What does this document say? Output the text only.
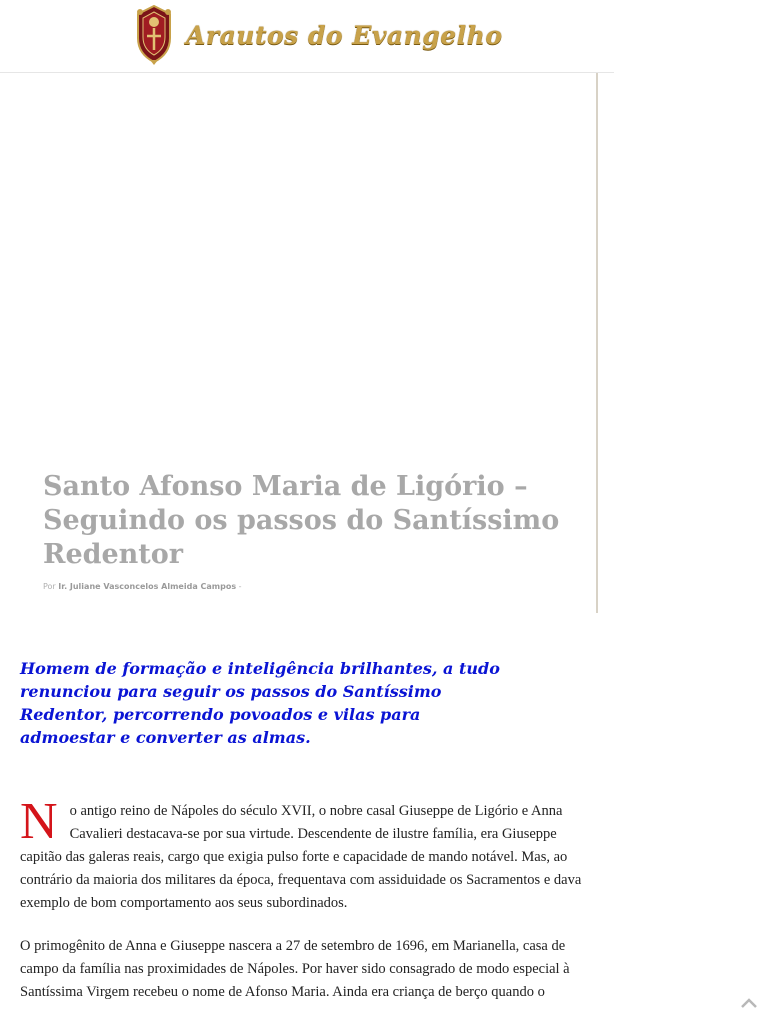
Arautos do Evangelho
Santo Afonso Maria de Ligório – Seguindo os passos do Santíssimo Redentor
Por Ir. Juliane Vasconcelos Almeida Campos -

Homem de formação e inteligência brilhantes, a tudo renunciou para seguir os passos do Santíssimo Redentor, percorrendo povoados e vilas para admoestar e converter as almas.

N o antigo reino de Nápoles do século XVII, o nobre casal Giuseppe de Ligório e Anna Cavalieri destacava-se por sua virtude. Descendente de ilustre família, era Giuseppe capitão das galeras reais, cargo que exigia pulso forte e capacidade de mando notável. Mas, ao contrário da maioria dos militares da época, frequentava com assiduidade os Sacramentos e dava exemplo de bom comportamento aos seus subordinados.

O primogênito de Anna e Giuseppe nascera a 27 de setembro de 1696, em Marianella, casa de campo da família nas proximidades de Nápoles. Por haver sido consagrado de modo especial à Santíssima Virgem recebeu o nome de Afonso Maria. Ainda era criança de berço quando o
